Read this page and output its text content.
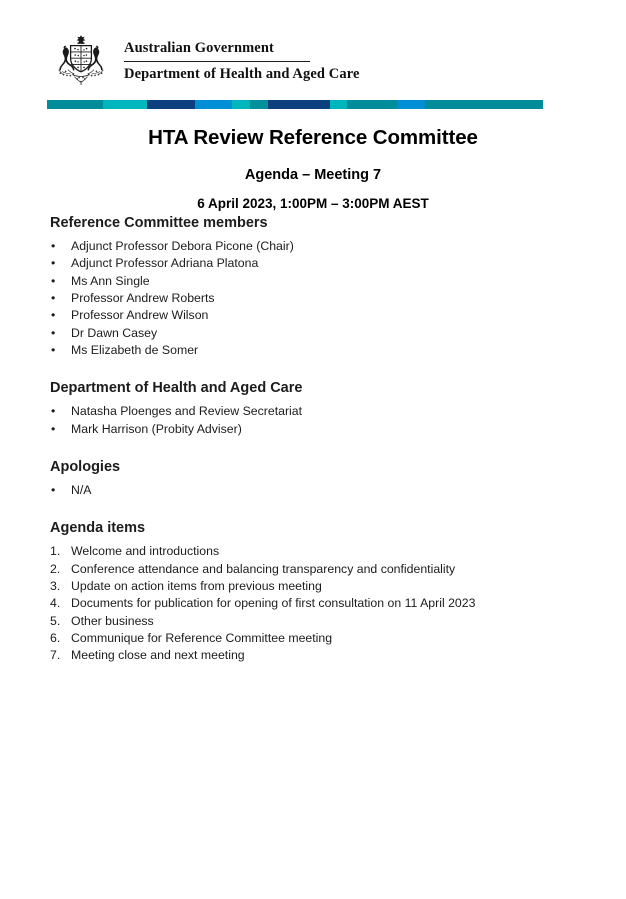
Australian Government
Department of Health and Aged Care
HTA Review Reference Committee
Agenda – Meeting 7
6 April 2023, 1:00PM – 3:00PM AEST
Reference Committee members
• Adjunct Professor Debora Picone (Chair)
• Adjunct Professor Adriana Platona
• Ms Ann Single
• Professor Andrew Roberts
• Professor Andrew Wilson
• Dr Dawn Casey
• Ms Elizabeth de Somer
Department of Health and Aged Care
• Natasha Ploenges and Review Secretariat
• Mark Harrison (Probity Adviser)
Apologies
• N/A
Agenda items
1. Welcome and introductions
2. Conference attendance and balancing transparency and confidentiality
3. Update on action items from previous meeting
4. Documents for publication for opening of first consultation on 11 April 2023
5. Other business
6. Communique for Reference Committee meeting
7. Meeting close and next meeting
